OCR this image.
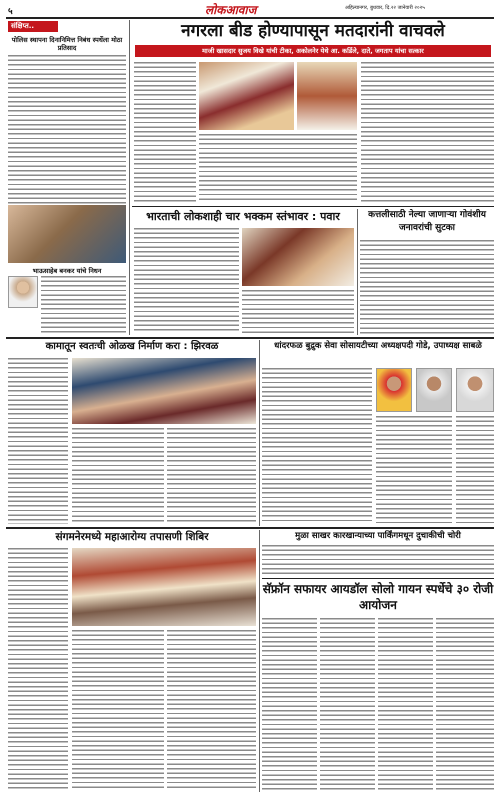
५	लोकआवाज	अहिल्यानगर, बुधवार, दि.२२ जानेवारी २०२५
संक्षिप्त..
पोलिस स्थापना दिनानिमित्त निबंध स्पर्धेला मोठा प्रतिसाद
भाऊसाहेब बनकर यांचे निधन
नगरला बीड होण्यापासून मतदारांनी वाचवले
माजी खासदार सुजय विखे यांची टीका, अकोलनेर येथे आ. कर्डिले, दाते, जगताप यांचा सत्कार
भारताची लोकशाही चार भक्कम स्तंभावर : पवार	कत्तलीसाठी नेल्या जाणाऱ्या गोवंशीय जनावरांची सुटका
कामातून स्वतःची ओळख निर्माण करा : झिरवळ	धांदरफळ बुद्रुक सेवा सोसायटीच्या अध्यक्षपदी गोडे, उपाध्यक्ष साबळे
संगमनेरमध्ये महाआरोग्य तपासणी शिबिर	मुळा साखर कारखान्याच्या पार्किंगमधून दुचाकीची चोरी
सॅफ्रॉन सफायर आयडॉल सोलो गायन स्पर्धेचे ३० रोजी आयोजन
